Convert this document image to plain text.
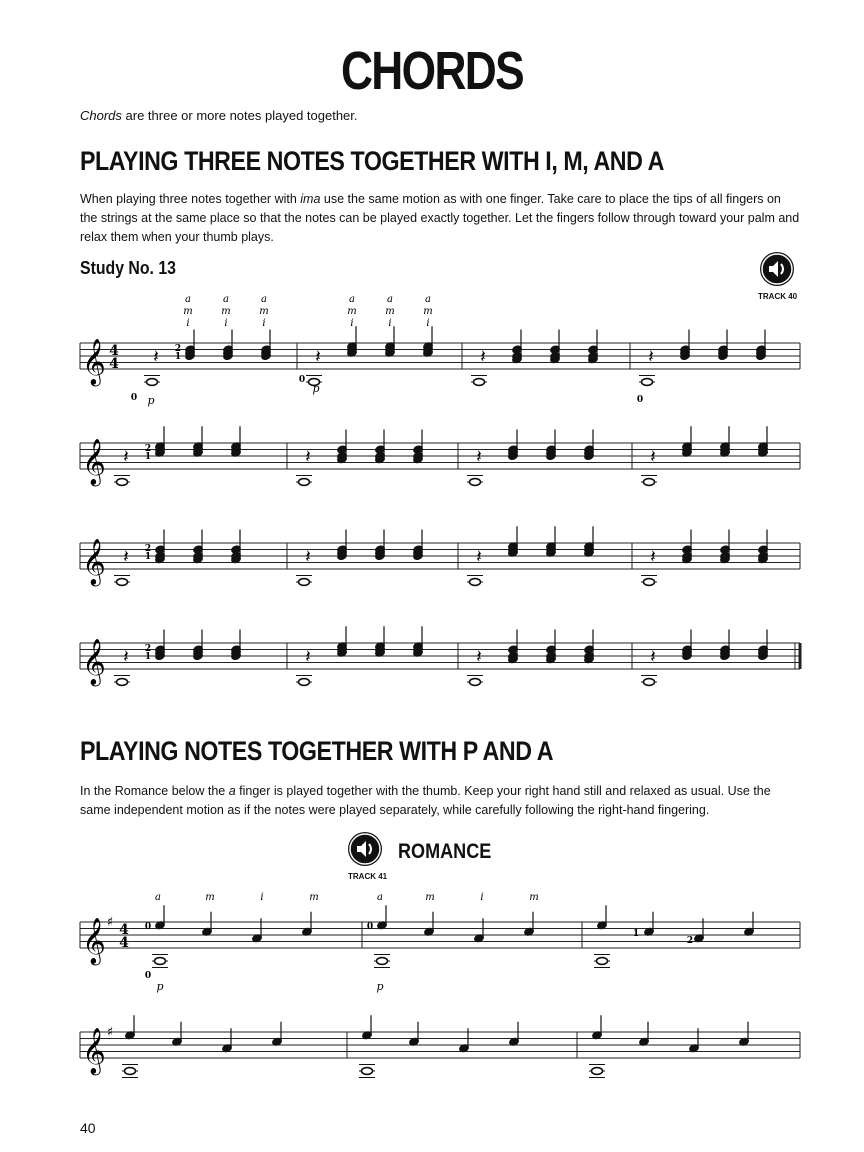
CHORDS
Chords are three or more notes played together.
PLAYING THREE NOTES TOGETHER WITH I, M, AND A
When playing three notes together with ima use the same motion as with one finger. Take care to place the tips of all fingers on the strings at the same place so that the notes can be played exactly together. Let the fingers follow through toward your palm and relax them when your thumb plays.
Study No. 13
TRACK 40
PLAYING NOTES TOGETHER WITH P AND A
In the Romance below the a finger is played together with the thumb. Keep your right hand still and relaxed as usual. Use the same independent motion as if the notes were played separately, while carefully following the right-hand fingering.
ROMANCE
TRACK 41
𝄞 4
4 𝄽	𝄽	𝄽	𝄽
2
1
𝄞 𝄽	𝄽	𝄽	𝄽
2
1
𝄞 𝄽	𝄽	𝄽	𝄽
2
1
𝄞 𝄽	𝄽	𝄽	𝄽
2
1
a
m
i
a
m
i
a
m
i
a
m
i
a
m
i
a
m
i
p
p
0
0
0
𝄞 ♯ 4
4
𝄞 ♯
a	m	i	m	a	m	i	m
p	p
0
0
0
1
2
40
